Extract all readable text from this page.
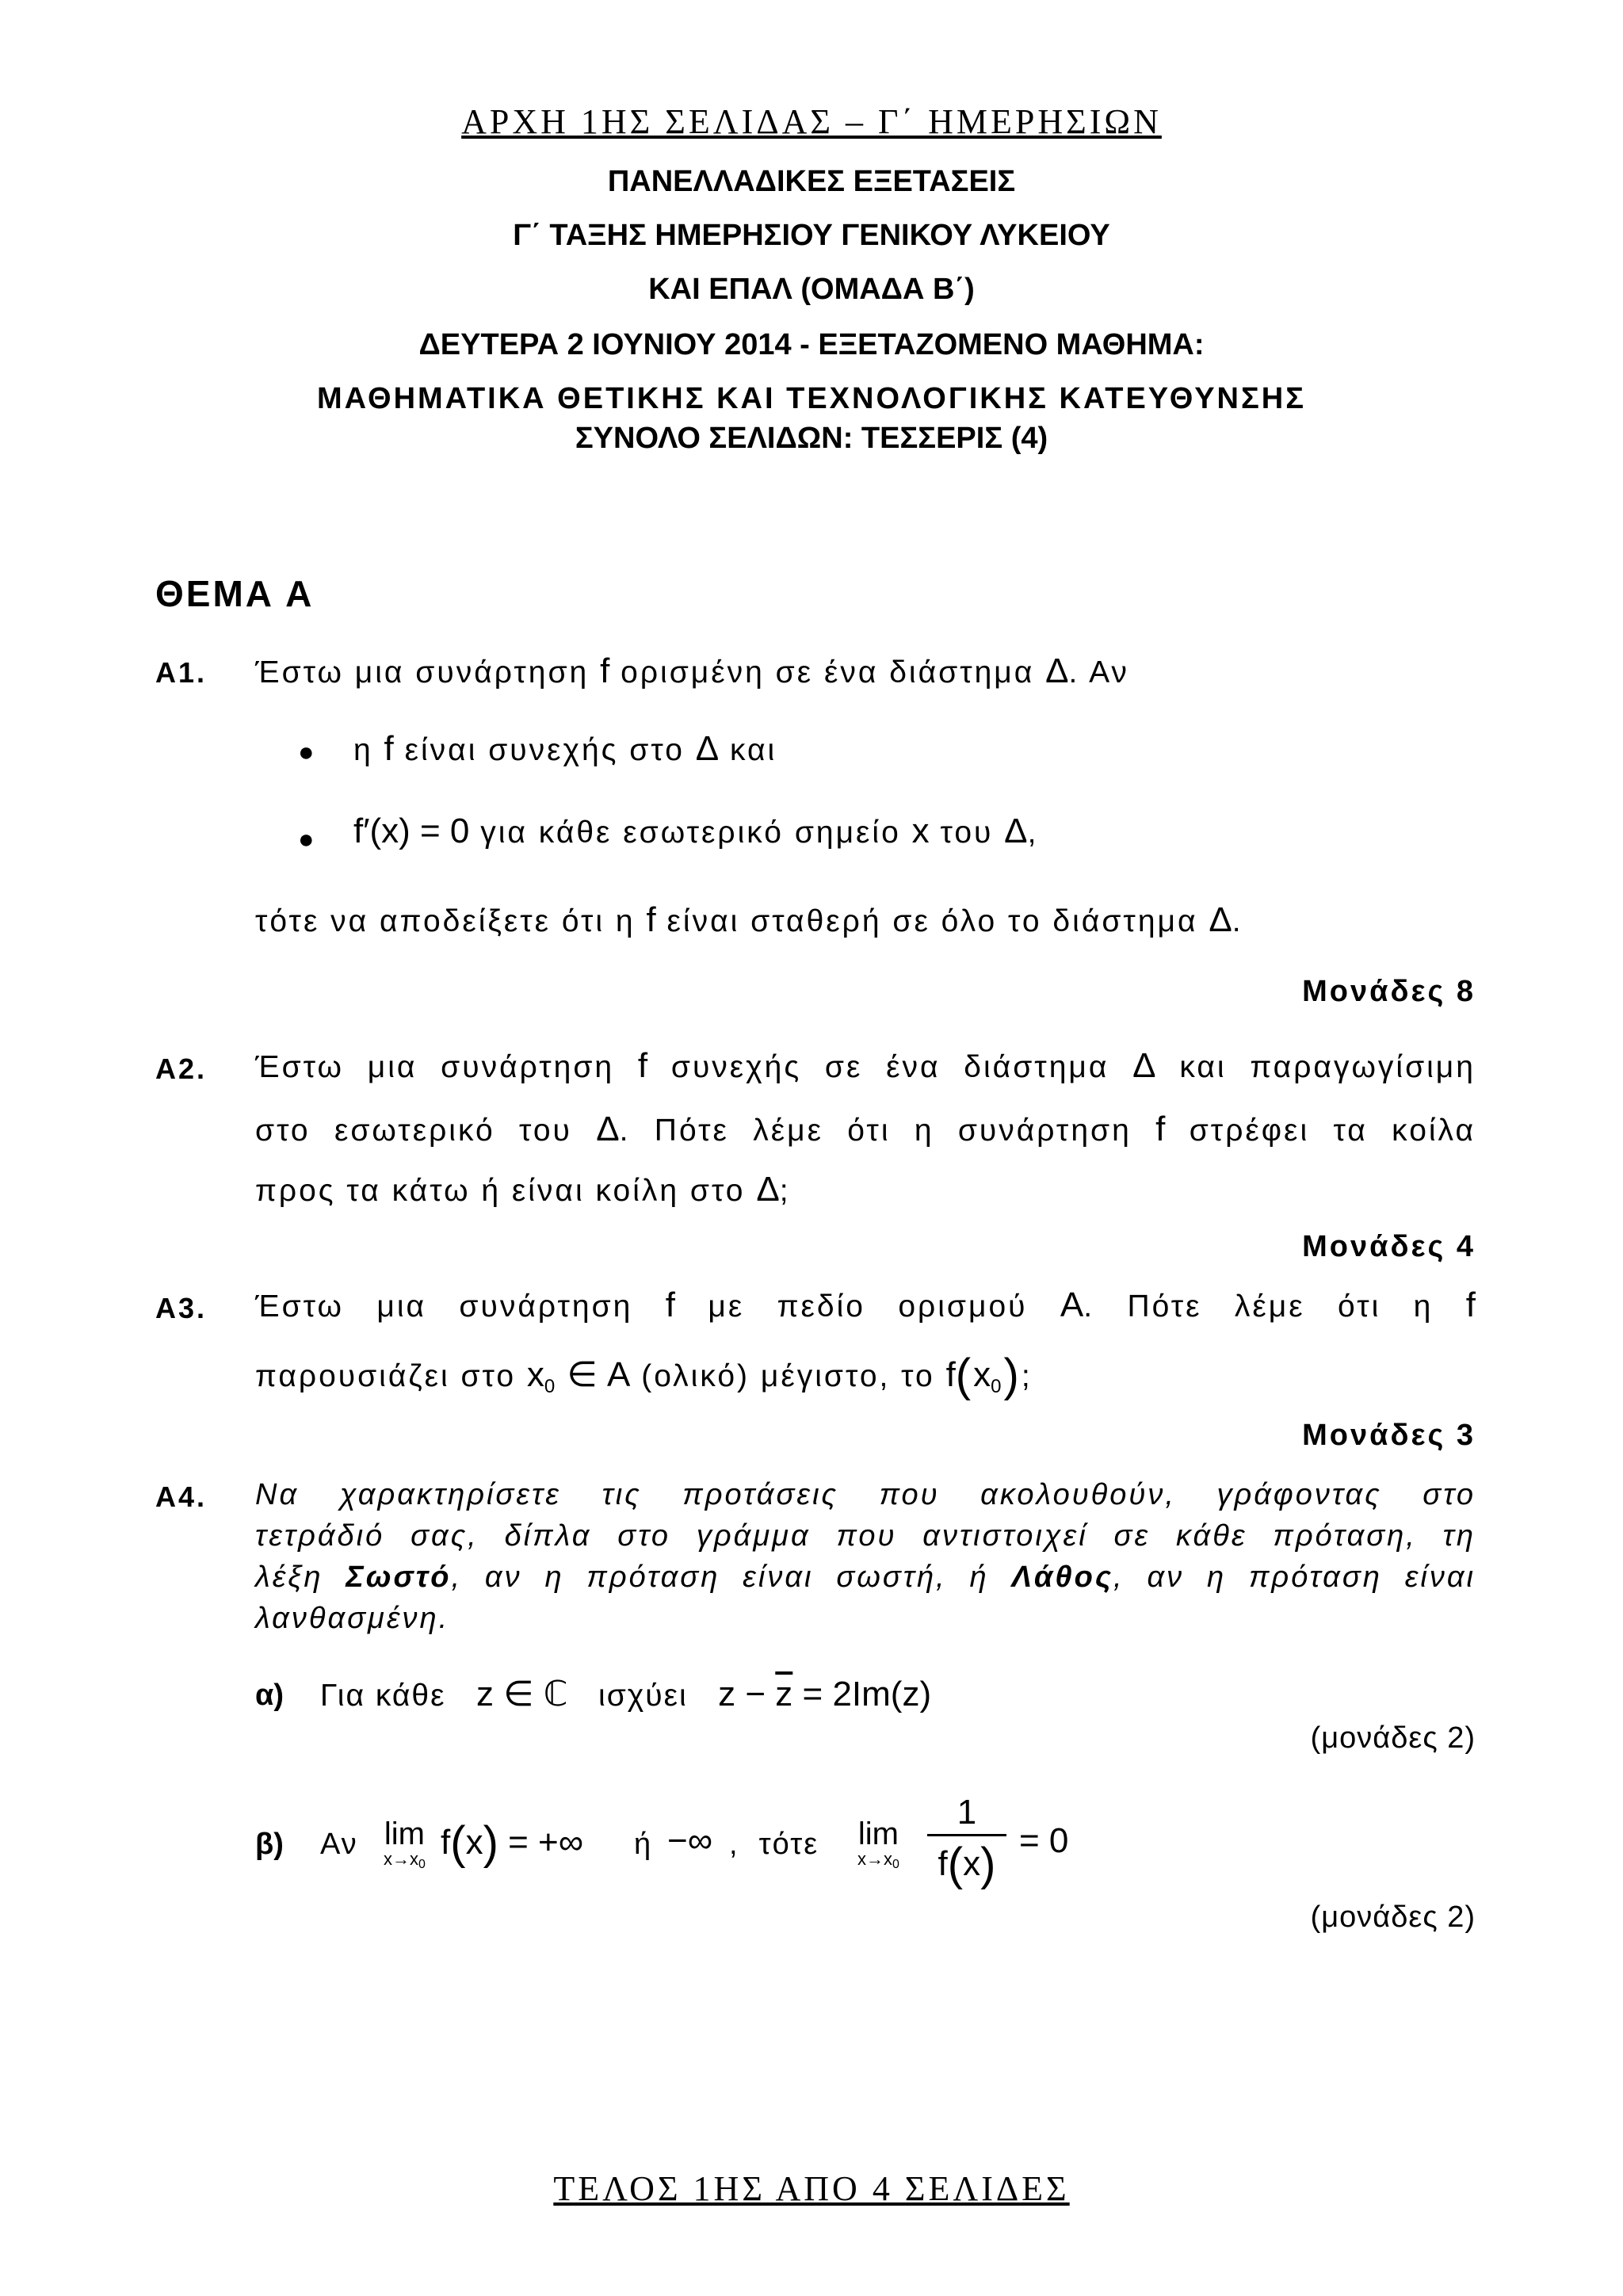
ΑΡΧΗ 1ΗΣ ΣΕΛΙΔΑΣ – Γ΄ ΗΜΕΡΗΣΙΩΝ
ΠΑΝΕΛΛΑΔΙΚΕΣ ΕΞΕΤΑΣΕΙΣ
Γ΄ ΤΑΞΗΣ ΗΜΕΡΗΣΙΟΥ ΓΕΝΙΚΟΥ ΛΥΚΕΙΟΥ
ΚΑΙ ΕΠΑΛ (ΟΜΑΔΑ Β΄)
ΔΕΥΤΕΡΑ 2 ΙΟΥΝΙΟΥ 2014 - ΕΞΕΤΑΖΟΜΕΝΟ ΜΑΘΗΜΑ:
ΜΑΘΗΜΑΤΙΚΑ ΘΕΤΙΚΗΣ ΚΑΙ ΤΕΧΝΟΛΟΓΙΚΗΣ ΚΑΤΕΥΘΥΝΣΗΣ
ΣΥΝΟΛΟ ΣΕΛΙΔΩΝ: ΤΕΣΣΕΡΙΣ (4)
ΘΕΜΑ Α
Α1. Έστω μια συνάρτηση f ορισμένη σε ένα διάστημα Δ. Αν
● η f είναι συνεχής στο Δ και
● f′(x) = 0 για κάθε εσωτερικό σημείο x του Δ,
τότε να αποδείξετε ότι η f είναι σταθερή σε όλο το διάστημα Δ.
Μονάδες 8
Α2. Έστω μια συνάρτηση f συνεχής σε ένα διάστημα Δ και παραγωγίσιμη
στο εσωτερικό του Δ. Πότε λέμε ότι η συνάρτηση f στρέφει τα κοίλα
προς τα κάτω ή είναι κοίλη στο Δ;
Μονάδες 4
Α3. Έστω μια συνάρτηση f με πεδίο ορισμού Α. Πότε λέμε ότι η f
παρουσιάζει στο $x_0$ ∈ Α (ολικό) μέγιστο, το $f(x_0)$;
Μονάδες 3
Α4. Να χαρακτηρίσετε τις προτάσεις που ακολουθούν, γράφοντας στο
τετράδιό σας, δίπλα στο γράμμα που αντιστοιχεί σε κάθε πρόταση, τη
λέξη Σωστό, αν η πρόταση είναι σωστή, ή Λάθος, αν η πρόταση είναι
λανθασμένη.
α) Για κάθε z ∈ ℂ ισχύει $z - \overline{z} = 2Im(z)$
(μονάδες 2)
β) Αν lim
x→x0
f(x) = +∞ ή −∞ ,  τότε lim
x→x0
1
f(x) = 0
(μονάδες 2)
ΤΕΛΟΣ 1ΗΣ ΑΠΟ 4 ΣΕΛΙΔΕΣ
